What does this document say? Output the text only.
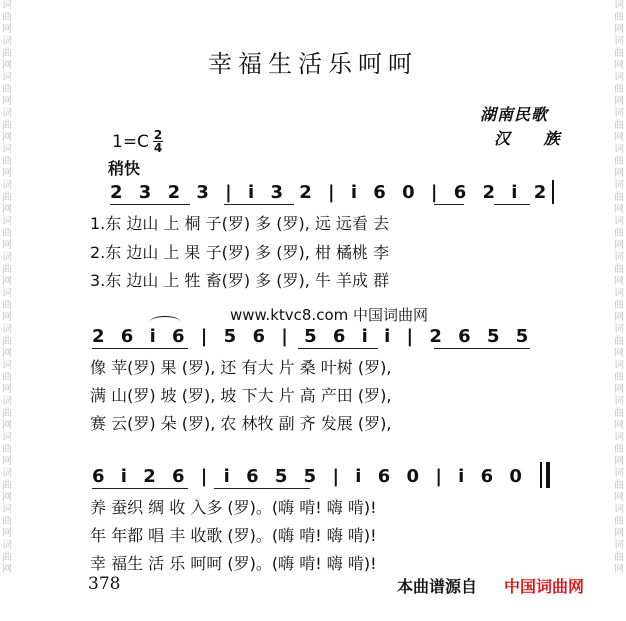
词
曲
网
词
曲
网
词
曲
网
词
曲
网
词
曲
网
词
曲
网
词
曲
网
词
曲
网
词
曲
网
词
曲
网
词
曲
网
词
曲
网
词
曲
网
词
曲
网
词
曲
网
词
曲
网
词
曲
网
词
曲
网
词
曲
网
词
曲
网
词
曲
网
词
曲
网
词
曲
网
词
曲
网
词
曲
网
词
曲
网
词
曲
网
词
曲
网
词
曲
网
词
曲
网
词
曲
网
词
曲
网
幸福生活乐呵呵
湖南民歌
汉 族
1=C 2
4
稍快
2 3 2 3 | i 3 2 | i 6 0 | 6 2 i 2
1.东 边山 上 桐 子(罗) 多 (罗), 远 远看 去
2.东 边山 上 果 子(罗) 多 (罗), 柑 橘桃 李
3.东 边山 上 牲 畜(罗) 多 (罗), 牛 羊成 群
www.ktvc8.com 中国词曲网
2 6 i 6 | 5 6 | 5 6 i i | 2 6 5 5
像 苹(罗) 果 (罗), 还 有大 片 桑 叶树 (罗),
满 山(罗) 坡 (罗), 坡 下大 片 高 产田 (罗),
赛 云(罗) 朵 (罗), 农 林牧 副 齐 发展 (罗),
6 i 2 6 | i 6 5 5 | i 6 0 | i 6 0
养 蚕织 绸 收 入多 (罗)。(嗨 啃! 嗨 啃)!
年 年都 唱 丰 收歌 (罗)。(嗨 啃! 嗨 啃)!
幸 福生 活 乐 呵呵 (罗)。(嗨 啃! 嗨 啃)!
378	本曲谱源自 中国词曲网
